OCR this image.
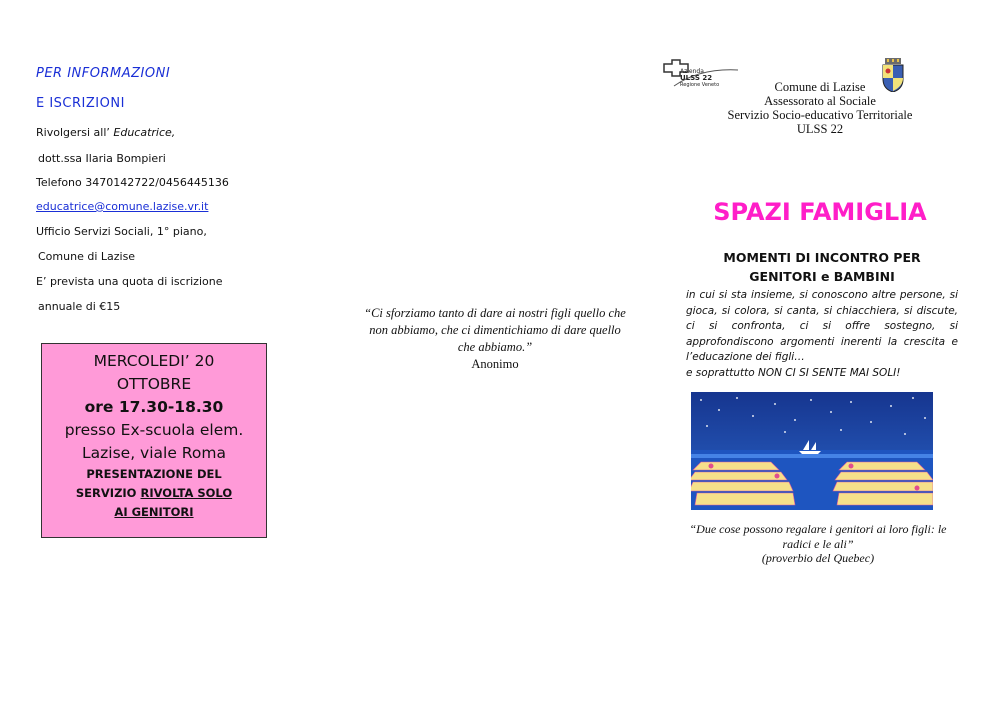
PER INFORMAZIONI
E ISCRIZIONI
Rivolgersi all’ Educatrice,
dott.ssa Ilaria Bompieri
Telefono 3470142722/0456445136
educatrice@comune.lazise.vr.it
Ufficio Servizi Sociali, 1° piano,
Comune di Lazise
E’ prevista una quota di iscrizione
annuale di €15
MERCOLEDI’ 20
OTTOBRE
ore 17.30-18.30
presso Ex-scuola elem.
Lazise, viale Roma
PRESENTAZIONE DEL
SERVIZIO RIVOLTA SOLO
AI GENITORI
“Ci sforziamo tanto di dare ai nostri figli quello che non abbiamo, che ci dimentichiamo di dare quello che abbiamo.”
Anonimo
Azienda
ULSS 22
Regione Veneto	Comune di Lazise
Assessorato al Sociale
Servizio Socio-educativo Territoriale
ULSS 22
SPAZI FAMIGLIA
MOMENTI DI INCONTRO PER
GENITORI e BAMBINI
in cui si sta insieme, si conoscono altre persone, si gioca, si colora, si canta, si chiacchiera, si discute, ci si confronta, ci si offre sostegno, si approfondiscono argomenti inerenti la crescita e l’educazione dei figli…
e soprattutto NON CI SI SENTE MAI SOLI!
“Due cose possono regalare i genitori ai loro figli: le radici e le ali”
(proverbio del Quebec)
